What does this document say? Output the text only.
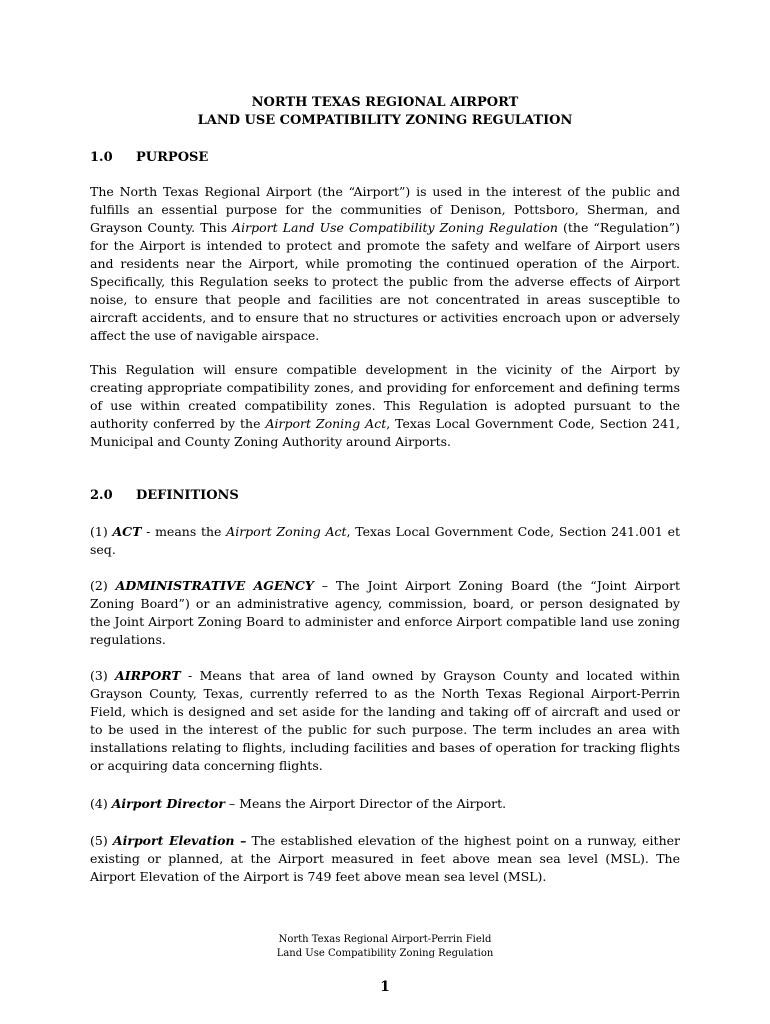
NORTH TEXAS REGIONAL AIRPORT
LAND USE COMPATIBILITY ZONING REGULATION
1.0 PURPOSE
The North Texas Regional Airport (the “Airport”) is used in the interest of the public and fulfills an essential purpose for the communities of Denison, Pottsboro, Sherman, and Grayson County. This Airport Land Use Compatibility Zoning Regulation (the “Regulation”) for the Airport is intended to protect and promote the safety and welfare of Airport users and residents near the Airport, while promoting the continued operation of the Airport. Specifically, this Regulation seeks to protect the public from the adverse effects of Airport noise, to ensure that people and facilities are not concentrated in areas susceptible to aircraft accidents, and to ensure that no structures or activities encroach upon or adversely affect the use of navigable airspace.
This Regulation will ensure compatible development in the vicinity of the Airport by creating appropriate compatibility zones, and providing for enforcement and defining terms of use within created compatibility zones. This Regulation is adopted pursuant to the authority conferred by the Airport Zoning Act, Texas Local Government Code, Section 241, Municipal and County Zoning Authority around Airports.
2.0 DEFINITIONS
(1) ACT - means the Airport Zoning Act, Texas Local Government Code, Section 241.001 et seq.
(2) ADMINISTRATIVE AGENCY – The Joint Airport Zoning Board (the “Joint Airport Zoning Board”) or an administrative agency, commission, board, or person designated by the Joint Airport Zoning Board to administer and enforce Airport compatible land use zoning regulations.
(3) AIRPORT - Means that area of land owned by Grayson County and located within Grayson County, Texas, currently referred to as the North Texas Regional Airport-Perrin Field, which is designed and set aside for the landing and taking off of aircraft and used or to be used in the interest of the public for such purpose. The term includes an area with installations relating to flights, including facilities and bases of operation for tracking flights or acquiring data concerning flights.
(4) Airport Director – Means the Airport Director of the Airport.
(5) Airport Elevation – The established elevation of the highest point on a runway, either existing or planned, at the Airport measured in feet above mean sea level (MSL). The Airport Elevation of the Airport is 749 feet above mean sea level (MSL).
North Texas Regional Airport-Perrin Field
Land Use Compatibility Zoning Regulation
1
